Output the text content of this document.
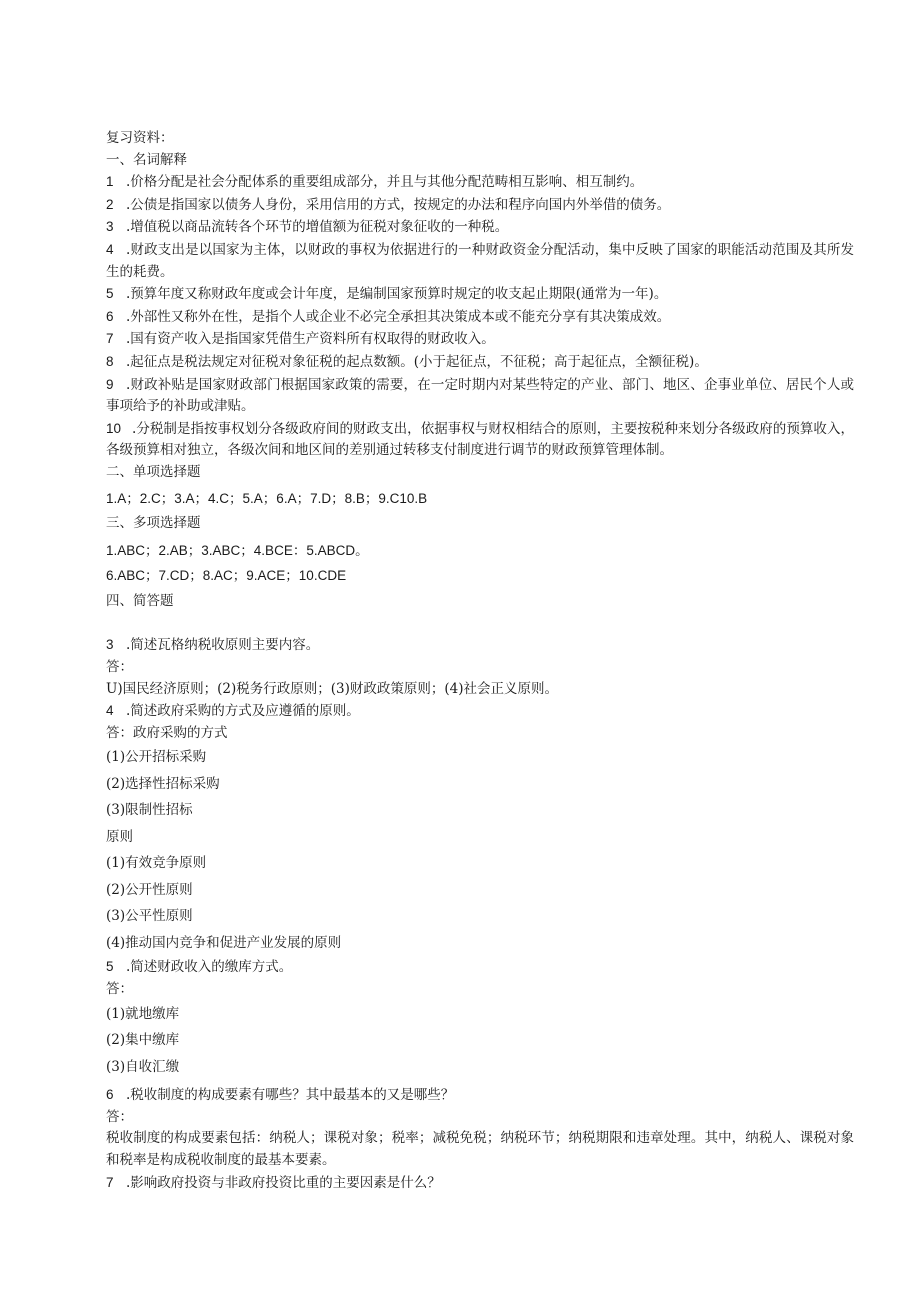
复习资料：
一、名词解释
1 .价格分配是社会分配体系的重要组成部分，并且与其他分配范畴相互影响、相互制约。
2 .公债是指国家以债务人身份，采用信用的方式，按规定的办法和程序向国内外举借的债务。
3 .增值税以商品流转各个环节的增值额为征税对象征收的一种税。
4 .财政支出是以国家为主体，以财政的事权为依据进行的一种财政资金分配活动，集中反映了国家的职能活动范围及其所发生的耗费。
5 .预算年度又称财政年度或会计年度，是编制国家预算时规定的收支起止期限(通常为一年)。
6 .外部性又称外在性，是指个人或企业不必完全承担其决策成本或不能充分享有其决策成效。
7 .国有资产收入是指国家凭借生产资料所有权取得的财政收入。
8 .起征点是税法规定对征税对象征税的起点数额。(小于起征点，不征税；高于起征点，全额征税)。
9 .财政补贴是国家财政部门根据国家政策的需要，在一定时期内对某些特定的产业、部门、地区、企事业单位、居民个人或事项给予的补助或津贴。
10 .分税制是指按事权划分各级政府间的财政支出，依据事权与财权相结合的原则，主要按税种来划分各级政府的预算收入，各级预算相对独立，各级次间和地区间的差别通过转移支付制度进行调节的财政预算管理体制。
二、单项选择题
1.A；2.C；3.A；4.C；5.A；6.A；7.D；8.B；9.C10.B
三、多项选择题
1.ABC；2.AB；3.ABC；4.BCE：5.ABCD。
6.ABC；7.CD；8.AC；9.ACE；10.CDE
四、简答题
3 .简述瓦格纳税收原则主要内容。
答：
U)国民经济原则；(2)税务行政原则；(3)财政政策原则；(4)社会正义原则。
4 .简述政府采购的方式及应遵循的原则。
答：政府采购的方式
(1)公开招标采购
(2)选择性招标采购
(3)限制性招标
原则
(1)有效竞争原则
(2)公开性原则
(3)公平性原则
(4)推动国内竞争和促进产业发展的原则
5 .简述财政收入的缴库方式。
答：
(1)就地缴库
(2)集中缴库
(3)自收汇缴
6 .税收制度的构成要素有哪些？其中最基本的又是哪些？
答：
税收制度的构成要素包括：纳税人；课税对象；税率；减税免税；纳税环节；纳税期限和违章处理。其中，纳税人、课税对象和税率是构成税收制度的最基本要素。
7 .影响政府投资与非政府投资比重的主要因素是什么？
